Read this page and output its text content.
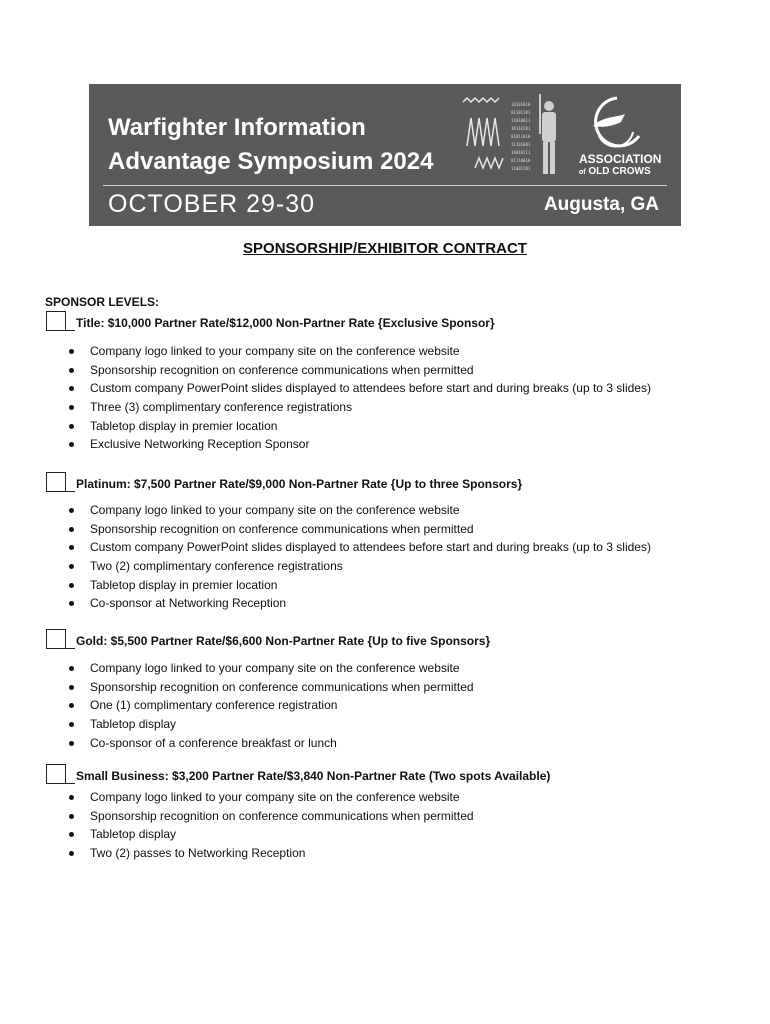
Warfighter Information
Advantage Symposium 2024
10101010
01101101
11010011
10110101
01011010
11101001
10010111
01110010
11001101
ASSOCIATION
of OLD CROWS
OCTOBER 29-30	Augusta, GA
SPONSORSHIP/EXHIBITOR CONTRACT
SPONSOR LEVELS:
Title: $10,000 Partner Rate/$12,000 Non-Partner Rate {Exclusive Sponsor}
Company logo linked to your company site on the conference website
Sponsorship recognition on conference communications when permitted
Custom company PowerPoint slides displayed to attendees before start and during breaks (up to 3 slides)
Three (3) complimentary conference registrations
Tabletop display in premier location
Exclusive Networking Reception Sponsor
Platinum: $7,500 Partner Rate/$9,000 Non-Partner Rate {Up to three Sponsors}
Company logo linked to your company site on the conference website
Sponsorship recognition on conference communications when permitted
Custom company PowerPoint slides displayed to attendees before start and during breaks (up to 3 slides)
Two (2) complimentary conference registrations
Tabletop display in premier location
Co-sponsor at Networking Reception
Gold: $5,500 Partner Rate/$6,600 Non-Partner Rate {Up to five Sponsors}
Company logo linked to your company site on the conference website
Sponsorship recognition on conference communications when permitted
One (1) complimentary conference registration
Tabletop display
Co-sponsor of a conference breakfast or lunch
Small Business: $3,200 Partner Rate/$3,840 Non-Partner Rate (Two spots Available)
Company logo linked to your company site on the conference website
Sponsorship recognition on conference communications when permitted
Tabletop display
Two (2) passes to Networking Reception
